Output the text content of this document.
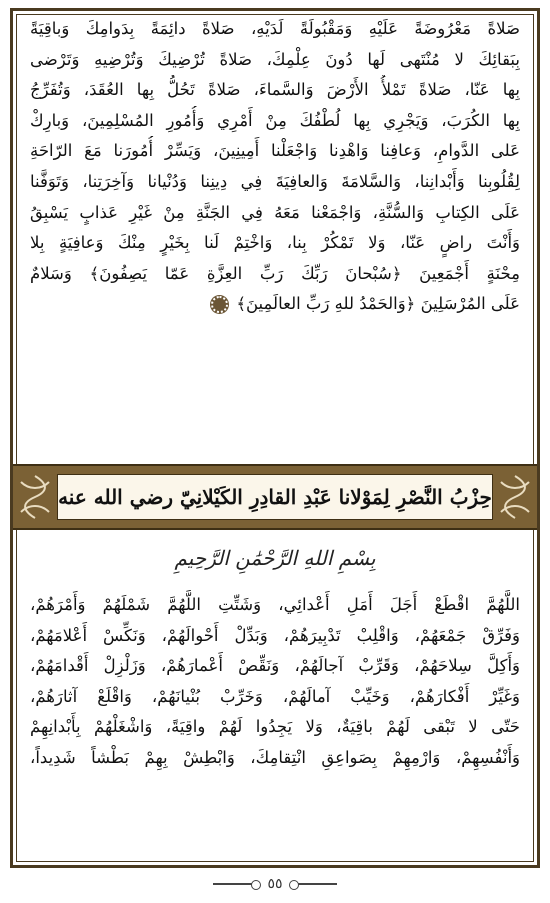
صَلاةً مَعْرُوضَةً عَلَيْهِ وَمَقْبُولَةً لَدَيْهِ، صَلاةً دائِمَةً بِدَوامِكَ وَباقِيَةً
بِبَقائِكَ لا مُنْتَهى لَها دُونَ عِلْمِكَ، صَلاةً تُرْضِيكَ وَتُرْضِيهِ وَتَرْضى
بِها عَنّا، صَلاةً تَمْلأُ الأَرْضَ وَالسَّماءَ، صَلاةً تَحُلُّ بِها العُقَدَ، وَتُفَرِّجُ
بِها الكُرَبَ، وَيَجْرِي بِها لُطْفُكَ مِنْ أَمْرِي وَأُمُورِ المُسْلِمِينَ، وَبارِكْ
عَلى الدَّوامِ، وَعافِنا وَاهْدِنا وَاجْعَلْنا أَمِينِينَ، وَيَسِّرْ أُمُورَنا مَعَ الرّاحَةِ
لِقُلُوبِنا وَأَبْدانِنا، وَالسَّلامَةَ وَالعافِيَةَ فِي دِينِنا وَدُنْيانا وَآخِرَتِنا، وَتَوَفَّنا
عَلَى الكِتابِ وَالسُّنَّةِ، وَاجْمَعْنا مَعَهُ فِي الجَنَّةِ مِنْ غَيْرِ عَذابٍ يَسْبِقُ
وَأَنْتَ راضٍ عَنّا، وَلا تَمْكُرْ بِنا، وَاخْتِمْ لَنا بِخَيْرٍ مِنْكَ وَعافِيَةٍ بِلا
مِحْنَةٍ أَجْمَعِينَ ﴿سُبْحانَ رَبِّكَ رَبِّ العِزَّةِ عَمّا يَصِفُونَ﴾ وَسَلامٌ
عَلَى المُرْسَلِينَ ﴿وَالحَمْدُ للهِ رَبِّ العالَمِينَ﴾
حِزْبُ النَّصْرِ لِمَوْلانا عَبْدِ القادِرِ الكَيْلانِيّ رضي الله عنه
بِسْمِ اللهِ الرَّحْمَٰنِ الرَّحِيمِ
اللَّهُمَّ اقْطَعْ أَجَلَ أَمَلِ أَعْدائِي، وَشَتِّتِ اللَّهُمَّ شَمْلَهُمْ وَأَمْرَهُمْ،
وَفَرِّقْ جَمْعَهُمْ، وَاقْلِبْ تَدْبِيرَهُمْ، وَبَدِّلْ أَحْوالَهُمْ، وَنَكِّسْ أَعْلامَهُمْ،
وَأَكِلَّ سِلاحَهُمْ، وَقَرِّبْ آجالَهُمْ، وَنَقِّصْ أَعْمارَهُمْ، وَزَلْزِلْ أَقْدامَهُمْ،
وَغَيِّرْ أَفْكارَهُمْ، وَخَيِّبْ آمالَهُمْ، وَخَرِّبْ بُنْيانَهُمْ، وَاقْلَعْ آثارَهُمْ،
حَتّى لا تَبْقى لَهُمْ باقِيَةٌ، وَلا يَجِدُوا لَهُمْ واقِيَةً، وَاشْغَلْهُمْ بِأَبْدانِهِمْ
وَأَنْفُسِهِمْ، وَارْمِهِمْ بِصَواعِقِ انْتِقامِكَ، وَابْطِشْ بِهِمْ بَطْشاً شَدِيداً،
٥٥
